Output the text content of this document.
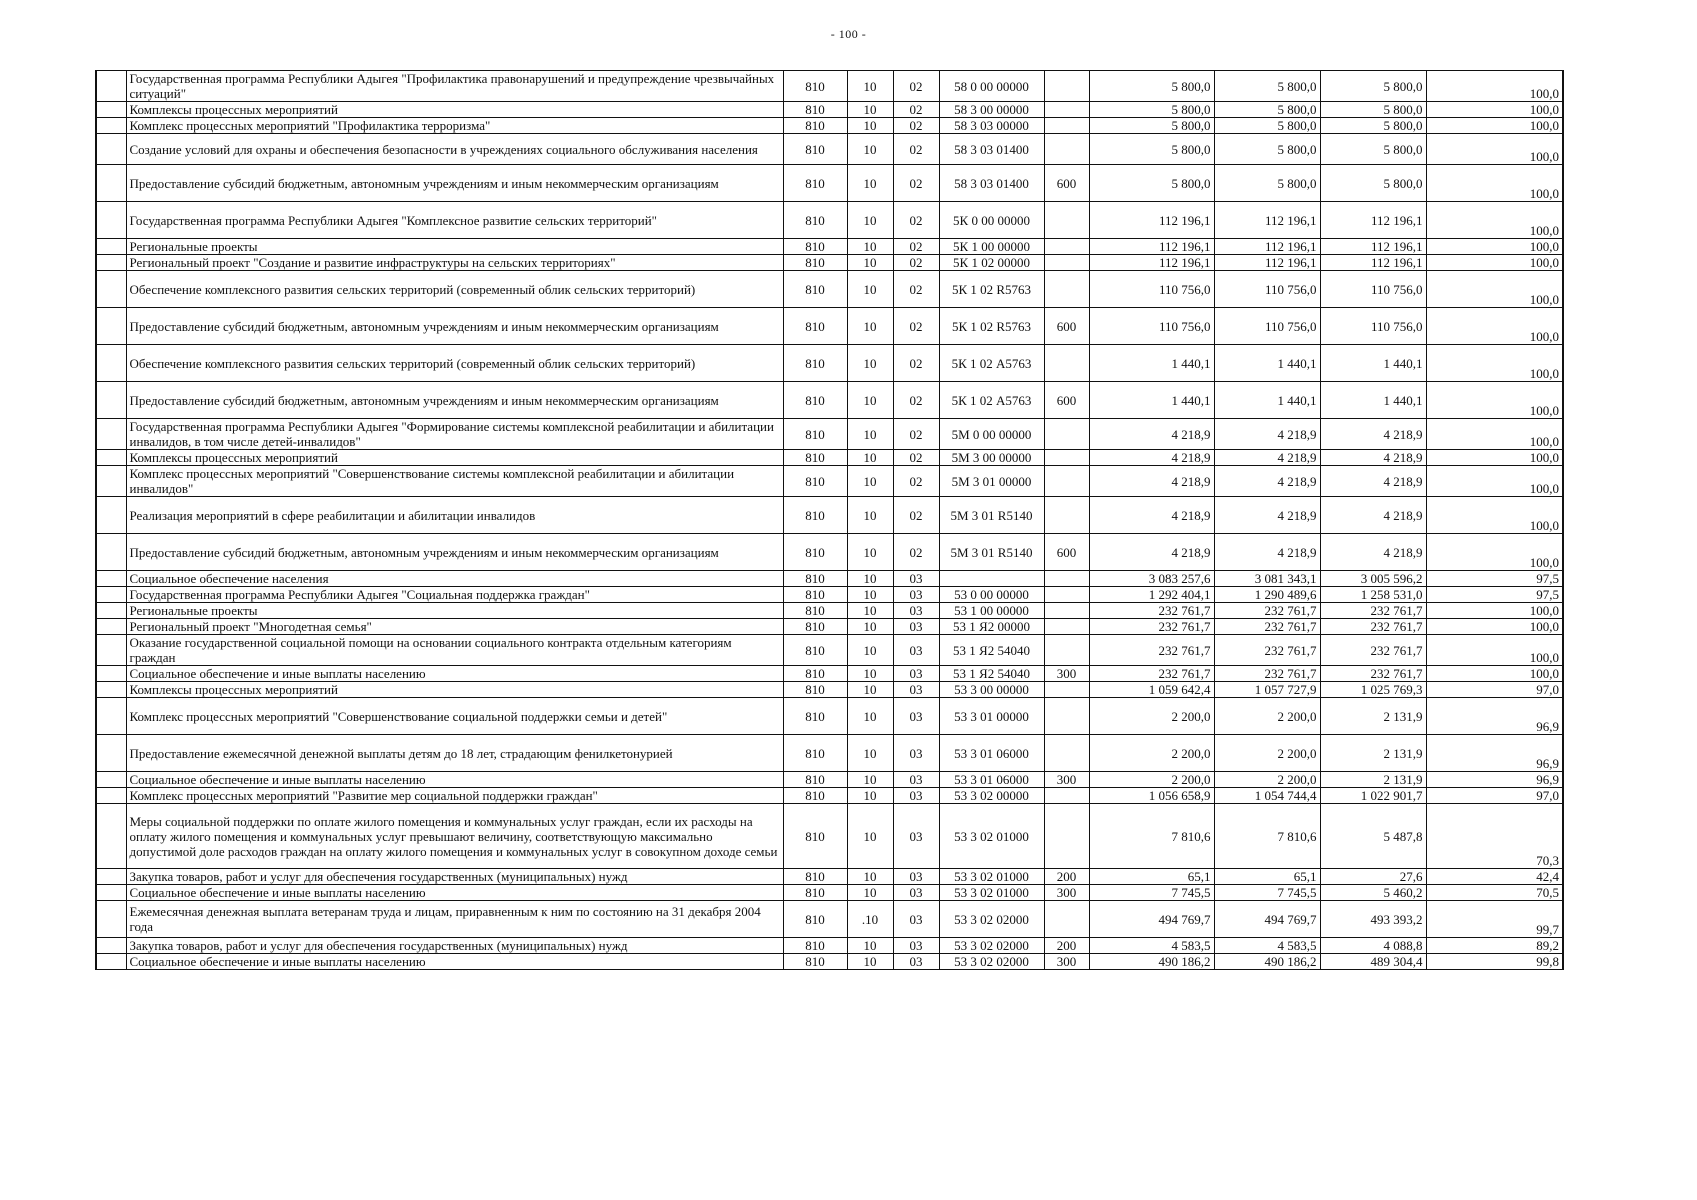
- 100 -
	Государственная программа Республики Адыгея "Профилактика правонарушений и предупреждение чрезвычайных ситуаций"	810	10	02	58 0 00 00000		5 800,0	5 800,0	5 800,0	100,0
	Комплексы процессных мероприятий	810	10	02	58 3 00 00000		5 800,0	5 800,0	5 800,0	100,0
	Комплекс процессных мероприятий "Профилактика терроризма"	810	10	02	58 3 03 00000		5 800,0	5 800,0	5 800,0	100,0
	Создание условий для охраны и обеспечения безопасности в учреждениях социального обслуживания населения	810	10	02	58 3 03 01400		5 800,0	5 800,0	5 800,0	100,0
	Предоставление субсидий бюджетным, автономным учреждениям и иным некоммерческим организациям	810	10	02	58 3 03 01400	600	5 800,0	5 800,0	5 800,0	100,0
	Государственная программа Республики Адыгея "Комплексное развитие сельских территорий"	810	10	02	5К 0 00 00000		112 196,1	112 196,1	112 196,1	100,0
	Региональные проекты	810	10	02	5К 1 00 00000		112 196,1	112 196,1	112 196,1	100,0
	Региональный проект "Создание и развитие инфраструктуры на сельских территориях"	810	10	02	5К 1 02 00000		112 196,1	112 196,1	112 196,1	100,0
	Обеспечение комплексного развития сельских территорий (современный облик сельских территорий)	810	10	02	5К 1 02 R5763		110 756,0	110 756,0	110 756,0	100,0
	Предоставление субсидий бюджетным, автономным учреждениям и иным некоммерческим организациям	810	10	02	5К 1 02 R5763	600	110 756,0	110 756,0	110 756,0	100,0
	Обеспечение комплексного развития сельских территорий (современный облик сельских территорий)	810	10	02	5К 1 02 A5763		1 440,1	1 440,1	1 440,1	100,0
	Предоставление субсидий бюджетным, автономным учреждениям и иным некоммерческим организациям	810	10	02	5К 1 02 A5763	600	1 440,1	1 440,1	1 440,1	100,0
	Государственная программа Республики Адыгея "Формирование системы комплексной реабилитации и абилитации инвалидов, в том числе детей-инвалидов"	810	10	02	5М 0 00 00000		4 218,9	4 218,9	4 218,9	100,0
	Комплексы процессных мероприятий	810	10	02	5М 3 00 00000		4 218,9	4 218,9	4 218,9	100,0
	Комплекс процессных мероприятий "Совершенствование системы комплексной реабилитации и абилитации инвалидов"	810	10	02	5М 3 01 00000		4 218,9	4 218,9	4 218,9	100,0
	Реализация мероприятий в сфере реабилитации и абилитации инвалидов	810	10	02	5М 3 01 R5140		4 218,9	4 218,9	4 218,9	100,0
	Предоставление субсидий бюджетным, автономным учреждениям и иным некоммерческим организациям	810	10	02	5М 3 01 R5140	600	4 218,9	4 218,9	4 218,9	100,0
	Социальное обеспечение населения	810	10	03			3 083 257,6	3 081 343,1	3 005 596,2	97,5
	Государственная программа Республики Адыгея "Социальная поддержка граждан"	810	10	03	53 0 00 00000		1 292 404,1	1 290 489,6	1 258 531,0	97,5
	Региональные проекты	810	10	03	53 1 00 00000		232 761,7	232 761,7	232 761,7	100,0
	Региональный проект "Многодетная семья"	810	10	03	53 1 Я2 00000		232 761,7	232 761,7	232 761,7	100,0
	Оказание государственной социальной помощи на основании социального контракта отдельным категориям граждан	810	10	03	53 1 Я2 54040		232 761,7	232 761,7	232 761,7	100,0
	Социальное обеспечение и иные выплаты населению	810	10	03	53 1 Я2 54040	300	232 761,7	232 761,7	232 761,7	100,0
	Комплексы процессных мероприятий	810	10	03	53 3 00 00000		1 059 642,4	1 057 727,9	1 025 769,3	97,0
	Комплекс процессных мероприятий "Совершенствование социальной поддержки семьи и детей"	810	10	03	53 3 01 00000		2 200,0	2 200,0	2 131,9	96,9
	Предоставление ежемесячной денежной выплаты детям до 18 лет, страдающим фенилкетонурией	810	10	03	53 3 01 06000		2 200,0	2 200,0	2 131,9	96,9
	Социальное обеспечение и иные выплаты населению	810	10	03	53 3 01 06000	300	2 200,0	2 200,0	2 131,9	96,9
	Комплекс процессных мероприятий "Развитие мер социальной поддержки граждан"	810	10	03	53 3 02 00000		1 056 658,9	1 054 744,4	1 022 901,7	97,0
	Меры социальной поддержки по оплате жилого помещения и коммунальных услуг граждан, если их расходы на оплату жилого помещения и коммунальных услуг превышают величину, соответствующую максимально допустимой доле расходов граждан на оплату жилого помещения и коммунальных услуг в совокупном доходе семьи	810	10	03	53 3 02 01000		7 810,6	7 810,6	5 487,8	70,3
	Закупка товаров, работ и услуг для обеспечения государственных (муниципальных) нужд	810	10	03	53 3 02 01000	200	65,1	65,1	27,6	42,4
	Социальное обеспечение и иные выплаты населению	810	10	03	53 3 02 01000	300	7 745,5	7 745,5	5 460,2	70,5
	Ежемесячная денежная выплата ветеранам труда и лицам, приравненным к ним по состоянию на 31 декабря 2004 года	810	.10	03	53 3 02 02000		494 769,7	494 769,7	493 393,2	99,7
	Закупка товаров, работ и услуг для обеспечения государственных (муниципальных) нужд	810	10	03	53 3 02 02000	200	4 583,5	4 583,5	4 088,8	89,2
	Социальное обеспечение и иные выплаты населению	810	10	03	53 3 02 02000	300	490 186,2	490 186,2	489 304,4	99,8
